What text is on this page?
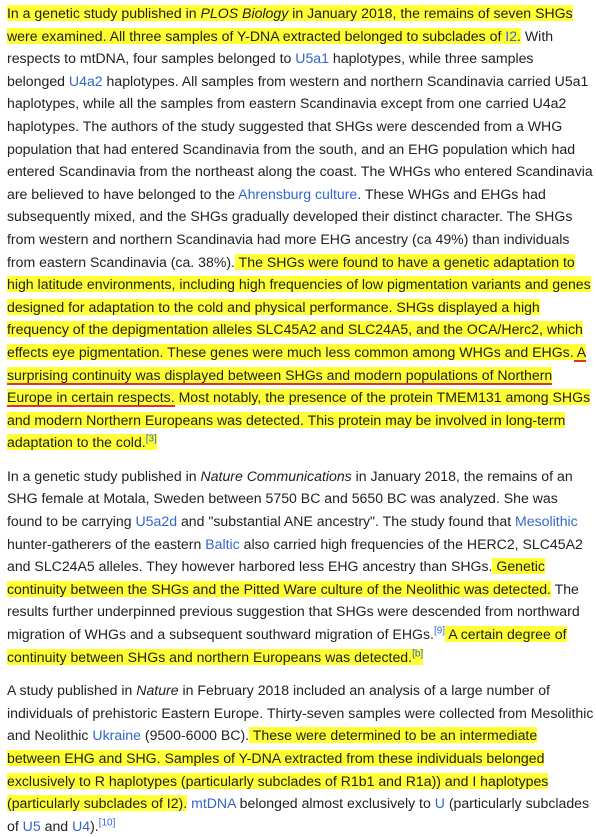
In a genetic study published in PLOS Biology in January 2018, the remains of seven SHGs were examined. All three samples of Y-DNA extracted belonged to subclades of I2. With respects to mtDNA, four samples belonged to U5a1 haplotypes, while three samples belonged U4a2 haplotypes. All samples from western and northern Scandinavia carried U5a1 haplotypes, while all the samples from eastern Scandinavia except from one carried U4a2 haplotypes. The authors of the study suggested that SHGs were descended from a WHG population that had entered Scandinavia from the south, and an EHG population which had entered Scandinavia from the northeast along the coast. The WHGs who entered Scandinavia are believed to have belonged to the Ahrensburg culture. These WHGs and EHGs had subsequently mixed, and the SHGs gradually developed their distinct character. The SHGs from western and northern Scandinavia had more EHG ancestry (ca 49%) than individuals from eastern Scandinavia (ca. 38%). The SHGs were found to have a genetic adaptation to high latitude environments, including high frequencies of low pigmentation variants and genes designed for adaptation to the cold and physical performance. SHGs displayed a high frequency of the depigmentation alleles SLC45A2 and SLC24A5, and the OCA/Herc2, which effects eye pigmentation. These genes were much less common among WHGs and EHGs. A surprising continuity was displayed between SHGs and modern populations of Northern Europe in certain respects. Most notably, the presence of the protein TMEM131 among SHGs and modern Northern Europeans was detected. This protein may be involved in long-term adaptation to the cold.[3]

In a genetic study published in Nature Communications in January 2018, the remains of an SHG female at Motala, Sweden between 5750 BC and 5650 BC was analyzed. She was found to be carrying U5a2d and "substantial ANE ancestry". The study found that Mesolithic hunter-gatherers of the eastern Baltic also carried high frequencies of the HERC2, SLC45A2 and SLC24A5 alleles. They however harbored less EHG ancestry than SHGs. Genetic continuity between the SHGs and the Pitted Ware culture of the Neolithic was detected. The results further underpinned previous suggestion that SHGs were descended from northward migration of WHGs and a subsequent southward migration of EHGs.[9] A certain degree of continuity between SHGs and northern Europeans was detected.[b]

A study published in Nature in February 2018 included an analysis of a large number of individuals of prehistoric Eastern Europe. Thirty-seven samples were collected from Mesolithic and Neolithic Ukraine (9500-6000 BC). These were determined to be an intermediate between EHG and SHG. Samples of Y-DNA extracted from these individuals belonged exclusively to R haplotypes (particularly subclades of R1b1 and R1a)) and I haplotypes (particularly subclades of I2). mtDNA belonged almost exclusively to U (particularly subclades of U5 and U4).[10]
